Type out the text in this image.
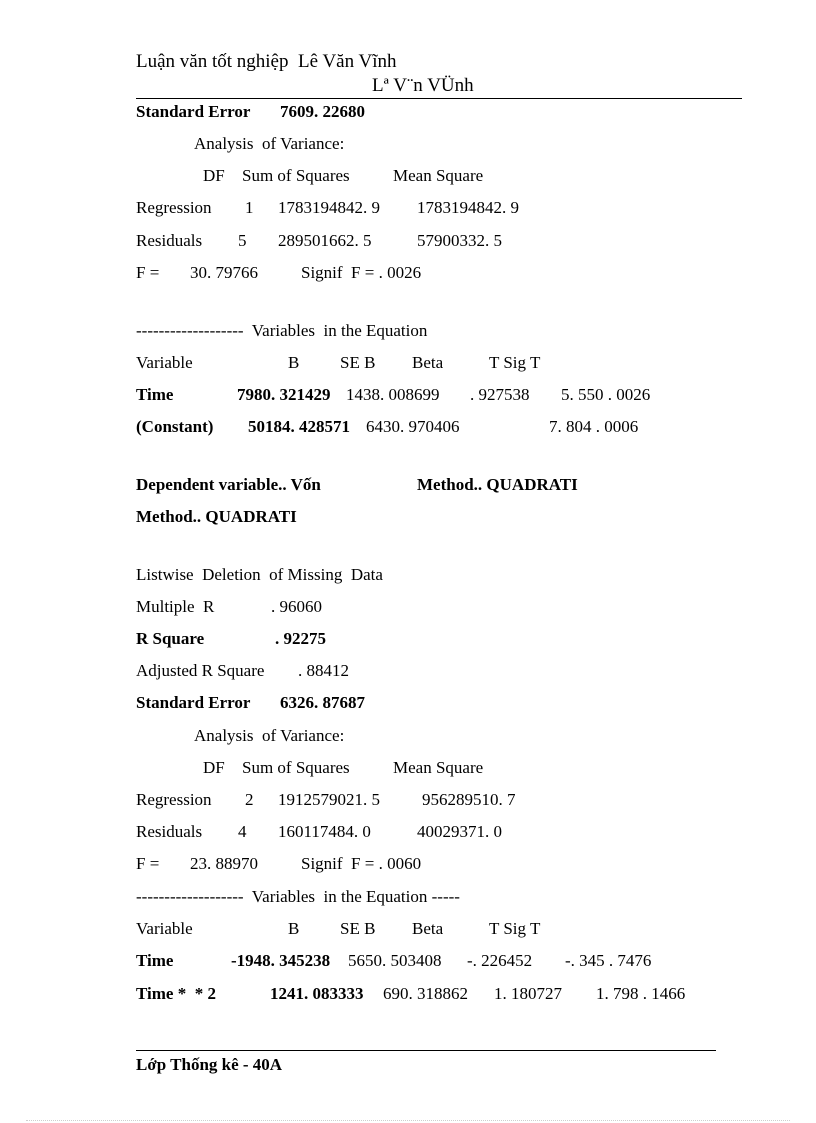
Luận văn tốt nghiệp  Lê Văn Vĩnh
Lª V¨n VÜnh
Standard Error 7609. 22680
Analysis  of Variance:
DF Sum of Squares	Mean Square
Regression 1 1783194842. 9 1783194842. 9
Residuals 5 289501662. 5	57900332. 5
F = 30. 79766	Signif  F = . 0026
-------------------  Variables  in the Equation
Variable	B SE B Beta	T Sig T
Time	7980. 321429 1438. 008699 . 927538 5. 550 . 0026
(Constant) 50184. 428571 6430. 970406	7. 804 . 0006
Dependent variable.. Vốn	Method.. QUADRATI
Method.. QUADRATI
Listwise  Deletion  of Missing  Data
Multiple  R	. 96060
R Square	. 92275
Adjusted R Square . 88412
Standard Error 6326. 87687
Analysis  of Variance:
DF Sum of Squares	Mean Square
Regression 2 1912579021. 5 956289510. 7
Residuals 4 160117484. 0	40029371. 0
F = 23. 88970	Signif  F = . 0060
-------------------  Variables  in the Equation -----
Variable	B SE B Beta	T Sig T
Time	-1948. 345238 5650. 503408 -. 226452 -. 345 . 7476
Time *  * 2	1241. 083333 690. 318862 1. 180727 1. 798 . 1466
Lớp Thống kê - 40A
